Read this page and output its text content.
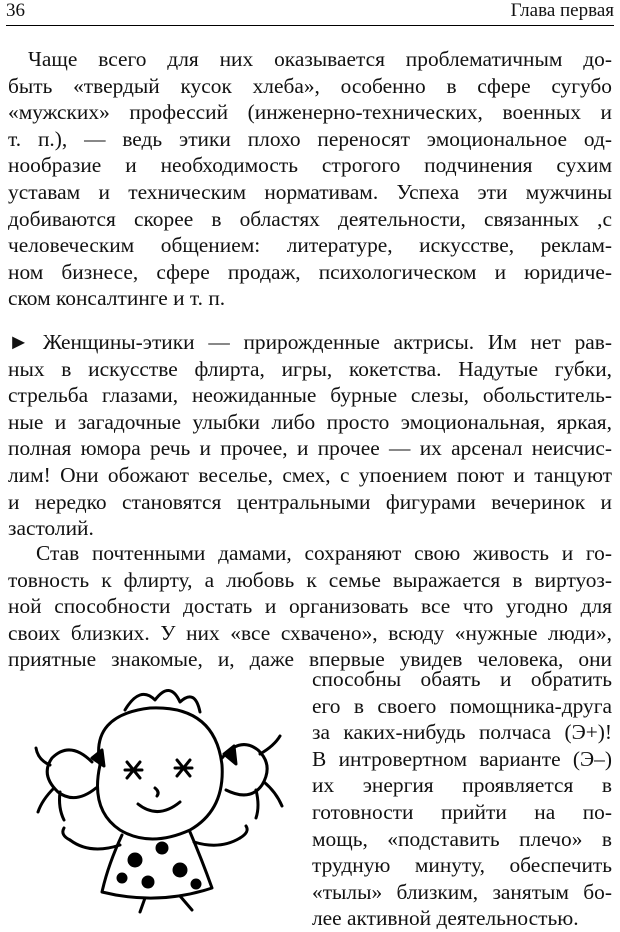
36	Глава первая
Чаще всего для них оказывается проблематичным до-
быть «твердый кусок хлеба», особенно в сфере сугубо
«мужских» профессий (инженерно-технических, военных и
т. п.), — ведь этики плохо переносят эмоциональное од-
нообразие и необходимость строгого подчинения сухим
уставам и техническим нормативам. Успеха эти мужчины
добиваются скорее в областях деятельности, связанных ,с
человеческим общением: литературе, искусстве, реклам-
ном бизнесе, сфере продаж, психологическом и юридиче-
ском консалтинге и т. п.
► Женщины-этики — прирожденные актрисы. Им нет рав-
ных в искусстве флирта, игры, кокетства. Надутые губки,
стрельба глазами, неожиданные бурные слезы, обольститель-
ные и загадочные улыбки либо просто эмоциональная, яркая,
полная юмора речь и прочее, и прочее — их арсенал неисчис-
лим! Они обожают веселье, смех, с упоением поют и танцуют
и нередко становятся центральными фигурами вечеринок и
застолий.
Став почтенными дамами, сохраняют свою живость и го-
товность к флирту, а любовь к семье выражается в виртуоз-
ной способности достать и организовать все что угодно для
своих близких. У них «все схвачено», всюду «нужные люди»,
приятные знакомые, и, даже впервые увидев человека, они
способны обаять и обратить
его в своего помощника-друга
за каких-нибудь полчаса (Э+)!
В интровертном варианте (Э–)
их энергия проявляется в
готовности прийти на по-
мощь, «подставить плечо» в
трудную минуту, обеспечить
«тылы» близким, занятым бо-
лее активной деятельностью.
